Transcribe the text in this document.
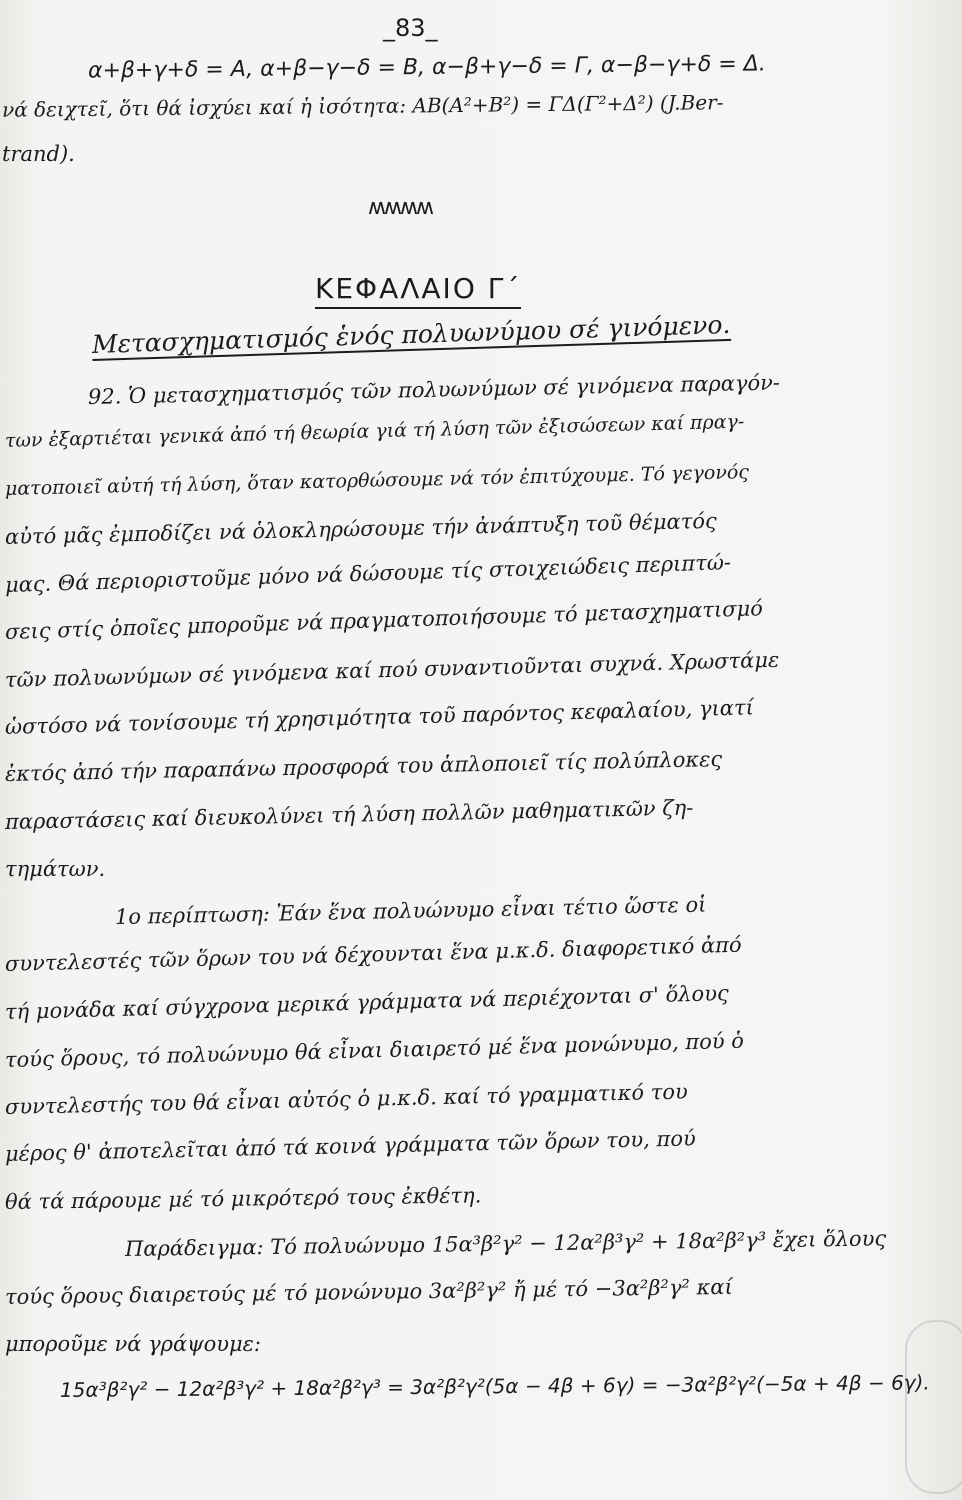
_83_
α+β+γ+δ = A, α+β−γ−δ = B, α−β+γ−δ = Γ, α−β−γ+δ = Δ.
νά δειχτεῖ, ὅτι θά ἰσχύει καί ἡ ἰσότητα: AB(A²+B²) = ΓΔ(Γ²+Δ²) (J.Ber-
trand).
ʍʍʍʍ
ΚΕΦΑΛΑΙΟ Γ΄
Μετασχηματισμός ἑνός πολυωνύμου σέ γινόμενο.
92. Ὁ μετασχηματισμός τῶν πολυωνύμων σέ γινόμενα παραγόν-
των ἐξαρτιέται γενικά ἀπό τή θεωρία γιά τή λύση τῶν ἐξισώσεων καί πραγ-
ματοποιεῖ αὐτή τή λύση, ὅταν κατορθώσουμε νά τόν ἐπιτύχουμε. Τό γεγονός
αὐτό μᾶς ἐμποδίζει νά ὁλοκληρώσουμε τήν ἀνάπτυξη τοῦ θέματός
μας. Θά περιοριστοῦμε μόνο νά δώσουμε τίς στοιχειώδεις περιπτώ-
σεις στίς ὁποῖες μποροῦμε νά πραγματοποιήσουμε τό μετασχηματισμό
τῶν πολυωνύμων σέ γινόμενα καί πού συναντιοῦνται συχνά. Χρωστάμε
ὡστόσο νά τονίσουμε τή χρησιμότητα τοῦ παρόντος κεφαλαίου, γιατί
ἐκτός ἀπό τήν παραπάνω προσφορά του ἁπλοποιεῖ τίς πολύπλοκες
παραστάσεις καί διευκολύνει τή λύση πολλῶν μαθηματικῶν ζη-
τημάτων.
1ο περίπτωση: Ἐάν ἕνα πολυώνυμο εἶναι τέτιο ὥστε οἱ
συντελεστές τῶν ὅρων του νά δέχουνται ἕνα μ.κ.δ. διαφορετικό ἀπό
τή μονάδα καί σύγχρονα μερικά γράμματα νά περιέχονται σ' ὅλους
τούς ὅρους, τό πολυώνυμο θά εἶναι διαιρετό μέ ἕνα μονώνυμο, πού ὁ
συντελεστής του θά εἶναι αὐτός ὁ μ.κ.δ. καί τό γραμματικό του
μέρος θ' ἀποτελεῖται ἀπό τά κοινά γράμματα τῶν ὅρων του, πού
θά τά πάρουμε μέ τό μικρότερό τους ἐκθέτη.
Παράδειγμα: Τό πολυώνυμο 15α³β²γ² − 12α²β³γ² + 18α²β²γ³ ἔχει ὅλους
τούς ὅρους διαιρετούς μέ τό μονώνυμο 3α²β²γ² ἤ μέ τό −3α²β²γ² καί
μποροῦμε νά γράψουμε:
15α³β²γ² − 12α²β³γ² + 18α²β²γ³ = 3α²β²γ²(5α − 4β + 6γ) = −3α²β²γ²(−5α + 4β − 6γ).
